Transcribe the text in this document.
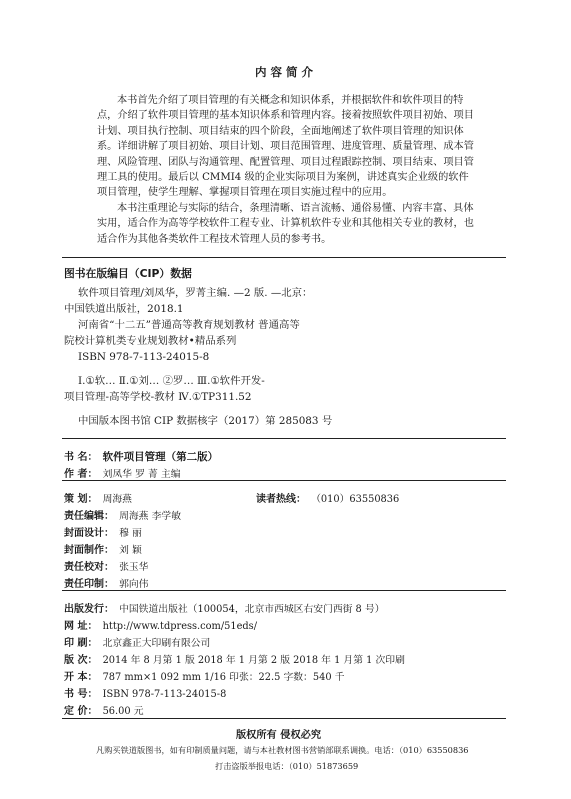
内 容 简 介

本书首先介绍了项目管理的有关概念和知识体系，并根据软件和软件项目的特点，介绍了软件项目管理的基本知识体系和管理内容。接着按照软件项目初始、项目计划、项目执行控制、项目结束的四个阶段，全面地阐述了软件项目管理的知识体系。详细讲解了项目初始、项目计划、项目范围管理、进度管理、质量管理、成本管理、风险管理、团队与沟通管理、配置管理、项目过程跟踪控制、项目结束、项目管理工具的使用。最后以 CMMI4 级的企业实际项目为案例，讲述真实企业级的软件项目管理，使学生理解、掌握项目管理在项目实施过程中的应用。

本书注重理论与实际的结合，条理清晰、语言流畅、通俗易懂、内容丰富、具体实用，适合作为高等学校软件工程专业、计算机软件专业和其他相关专业的教材，也适合作为其他各类软件工程技术管理人员的参考书。

图书在版编目（CIP）数据
软件项目管理/刘凤华，罗菁主编. —2 版. —北京：
中国铁道出版社，2018.1
河南省“十二五”普通高等教育规划教材 普通高等
院校计算机类专业规划教材•精品系列
ISBN 978-7-113-24015-8
Ⅰ.①软… Ⅱ.①刘… ②罗… Ⅲ.①软件开发-
项目管理-高等学校-教材 Ⅳ.①TP311.52
中国版本图书馆 CIP 数据核字（2017）第 285083 号
书 名： 软件项目管理（第二版）
作 者： 刘凤华 罗 菁 主编
策 划： 周海燕	读者热线： （010）63550836
责任编辑： 周海燕 李学敏
封面设计： 穆 丽
封面制作： 刘 颖
责任校对： 张玉华
责任印制： 郭向伟
出版发行： 中国铁道出版社（100054，北京市西城区右安门西街 8 号）
网 址： http://www.tdpress.com/51eds/
印 刷： 北京鑫正大印刷有限公司
版 次： 2014 年 8 月第 1 版 2018 年 1 月第 2 版 2018 年 1 月第 1 次印刷
开 本： 787 mm×1 092 mm 1/16 印张：22.5 字数：540 千
书 号： ISBN 978-7-113-24015-8
定 价： 56.00 元
版权所有 侵权必究
凡购买铁道版图书，如有印制质量问题，请与本社教材图书营销部联系调换。电话：（010）63550836
打击盗版举报电话：（010）51873659
